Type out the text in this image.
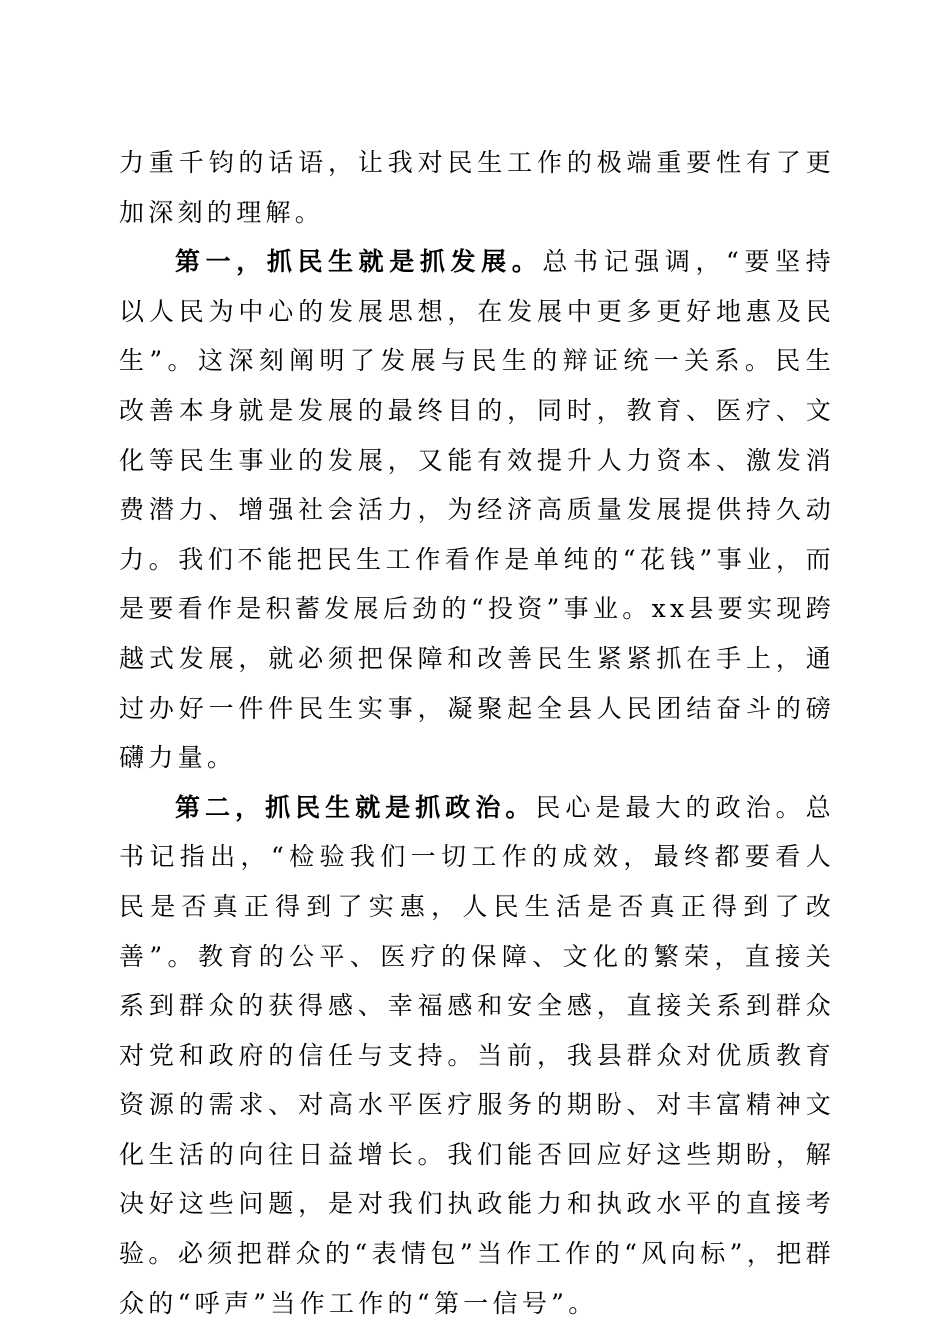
力重千钧的话语，让我对民生工作的极端重要性有了更加深刻的理解。

第一，抓民生就是抓发展。总书记强调，“要坚持以人民为中心的发展思想，在发展中更多更好地惠及民生”。这深刻阐明了发展与民生的辩证统一关系。民生改善本身就是发展的最终目的，同时，教育、医疗、文化等民生事业的发展，又能有效提升人力资本、激发消费潜力、增强社会活力，为经济高质量发展提供持久动力。我们不能把民生工作看作是单纯的“花钱”事业，而是要看作是积蓄发展后劲的“投资”事业。xx县要实现跨越式发展，就必须把保障和改善民生紧紧抓在手上，通过办好一件件民生实事，凝聚起全县人民团结奋斗的磅礴力量。

第二，抓民生就是抓政治。民心是最大的政治。总书记指出，“检验我们一切工作的成效，最终都要看人民是否真正得到了实惠，人民生活是否真正得到了改善”。教育的公平、医疗的保障、文化的繁荣，直接关系到群众的获得感、幸福感和安全感，直接关系到群众对党和政府的信任与支持。当前，我县群众对优质教育资源的需求、对高水平医疗服务的期盼、对丰富精神文化生活的向往日益增长。我们能否回应好这些期盼，解决好这些问题，是对我们执政能力和执政水平的直接考验。必须把群众的“表情包”当作工作的“风向标”，把群众的“呼声”当作工作的“第一信号”。
